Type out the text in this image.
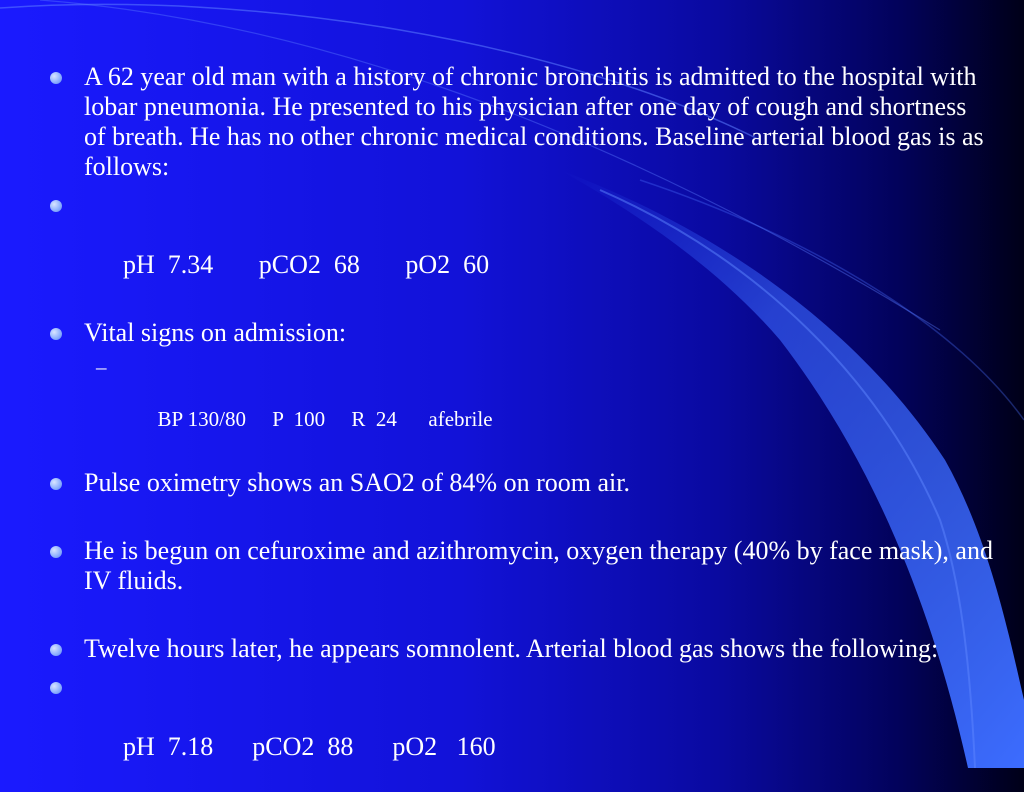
A 62 year old man with a history of chronic bronchitis is admitted to the hospital with lobar pneumonia. He presented to his physician after one day of cough and shortness of breath. He has no other chronic medical conditions. Baseline arterial blood gas is as follows:

pH  7.34       pCO2  68       pO2  60

Vital signs on admission:

–

BP 130/80     P  100     R  24      afebrile

Pulse oximetry shows an SAO2 of 84% on room air.
He is begun on cefuroxime and azithromycin, oxygen therapy (40% by face mask), and IV fluids.
Twelve hours later, he appears somnolent. Arterial blood gas shows the following:

pH  7.18      pCO2  88      pO2   160
